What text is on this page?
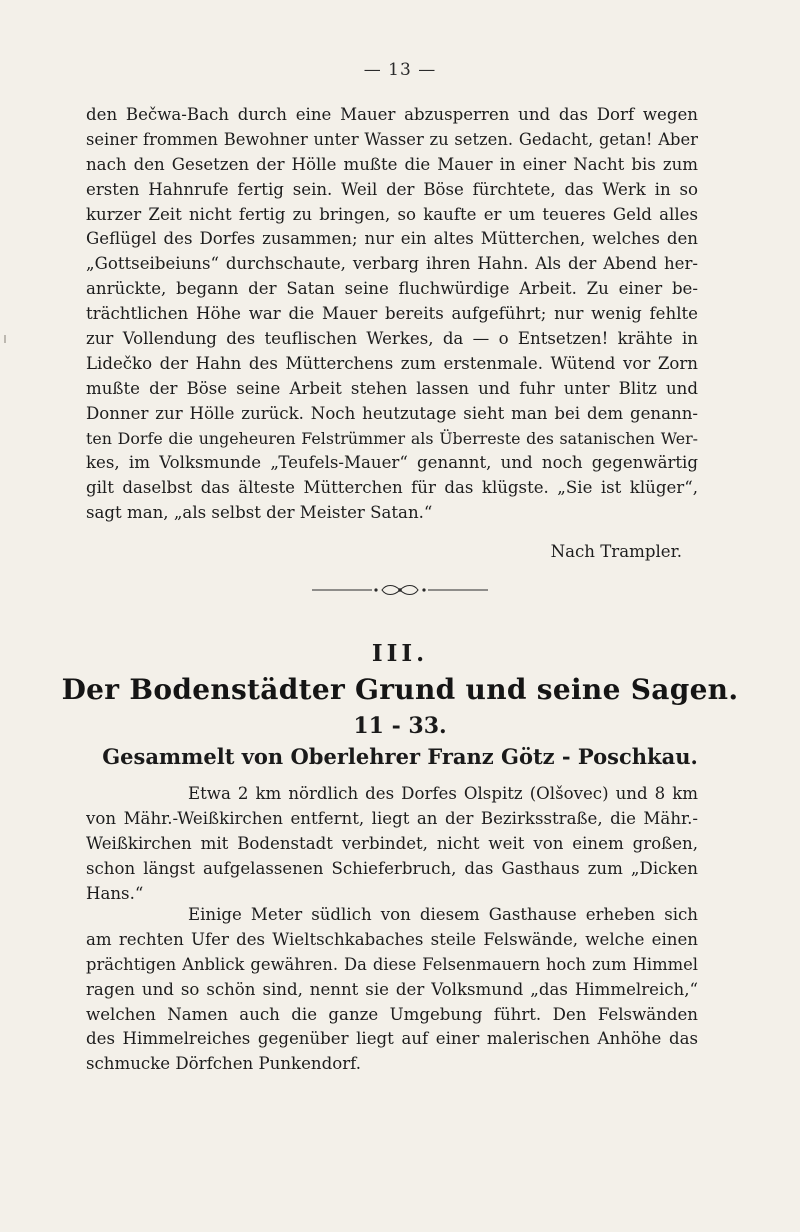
— 13 —
den Bečwa-Bach durch eine Mauer abzusperren und das Dorf wegen
seiner frommen Bewohner unter Wasser zu setzen. Gedacht, getan! Aber
nach den Gesetzen der Hölle mußte die Mauer in einer Nacht bis zum
ersten Hahnrufe fertig sein. Weil der Böse fürchtete, das Werk in so
kurzer Zeit nicht fertig zu bringen, so kaufte er um teueres Geld alles
Geflügel des Dorfes zusammen; nur ein altes Mütterchen, welches den
„Gottseibeiuns“ durchschaute, verbarg ihren Hahn. Als der Abend her-
anrückte, begann der Satan seine fluchwürdige Arbeit. Zu einer be-
trächtlichen Höhe war die Mauer bereits aufgeführt; nur wenig fehlte
zur Vollendung des teuflischen Werkes, da — o Entsetzen! krähte in
Lidečko der Hahn des Mütterchens zum erstenmale. Wütend vor Zorn
mußte der Böse seine Arbeit stehen lassen und fuhr unter Blitz und
Donner zur Hölle zurück. Noch heutzutage sieht man bei dem genann-
ten Dorfe die ungeheuren Felstrümmer als Überreste des satanischen Wer-
kes, im Volksmunde „Teufels-Mauer“ genannt, und noch gegenwärtig
gilt daselbst das älteste Mütterchen für das klügste. „Sie ist klüger“,
sagt man, „als selbst der Meister Satan.“
Nach Trampler.
III.
Der Bodenstädter Grund und seine Sagen.
11 - 33.
Gesammelt von Oberlehrer Franz Götz - Poschkau.
Etwa 2 km nördlich des Dorfes Olspitz (Olšovec) und 8 km
von Mähr.-Weißkirchen entfernt, liegt an der Bezirksstraße, die Mähr.-
Weißkirchen mit Bodenstadt verbindet, nicht weit von einem großen,
schon längst aufgelassenen Schieferbruch, das Gasthaus zum „Dicken
Hans.“
Einige Meter südlich von diesem Gasthause erheben sich
am rechten Ufer des Wieltschkabaches steile Felswände, welche einen
prächtigen Anblick gewähren. Da diese Felsenmauern hoch zum Himmel
ragen und so schön sind, nennt sie der Volksmund „das Himmelreich,“
welchen Namen auch die ganze Umgebung führt. Den Felswänden
des Himmelreiches gegenüber liegt auf einer malerischen Anhöhe das
schmucke Dörfchen Punkendorf.
